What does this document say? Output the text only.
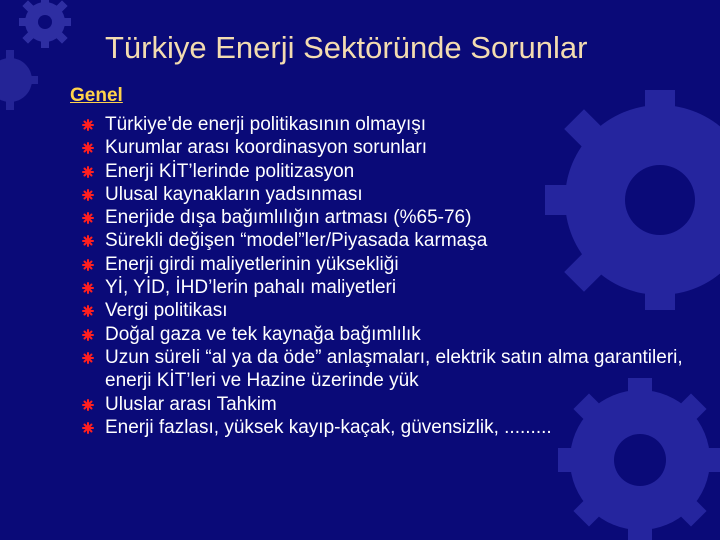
Türkiye Enerji Sektöründe Sorunlar
Genel
Türkiye’de enerji politikasının olmayışı
Kurumlar arası koordinasyon sorunları
Enerji KİT’lerinde politizasyon
Ulusal kaynakların yadsınması
Enerjide dışa bağımlılığın artması (%65-76)
Sürekli değişen “model”ler/Piyasada karmaşa
Enerji girdi maliyetlerinin yüksekliği
Yİ, YİD, İHD’lerin pahalı maliyetleri
Vergi politikası
Doğal gaza ve tek kaynağa bağımlılık
Uzun süreli “al ya da öde” anlaşmaları, elektrik satın alma garantileri, enerji KİT’leri ve Hazine üzerinde yük
Uluslar arası Tahkim
Enerji fazlası, yüksek kayıp-kaçak, güvensizlik, .........
